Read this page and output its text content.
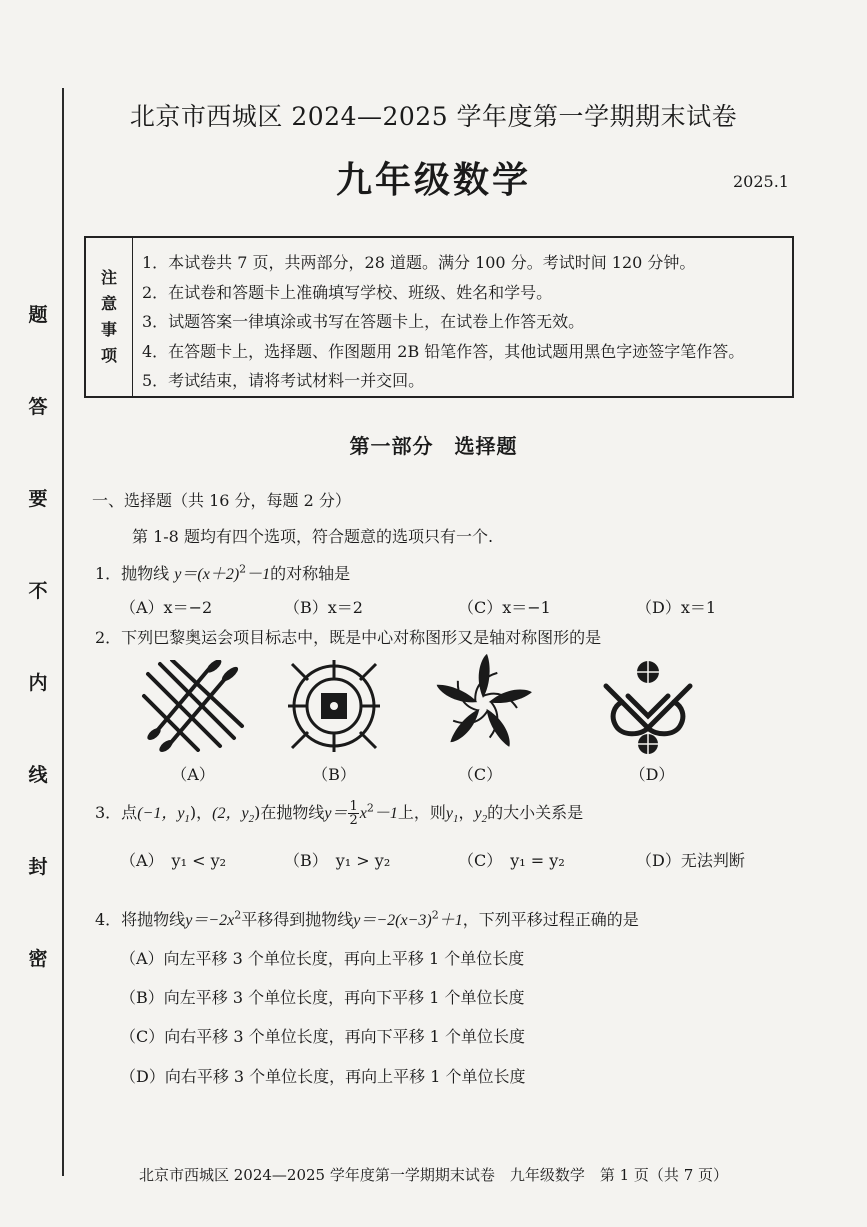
题
答
要
不
内
线
封
密
北京市西城区 2024—2025 学年度第一学期期末试卷
九年级数学	2025.1
注
意
事
项
1．本试卷共 7 页，共两部分，28 道题。满分 100 分。考试时间 120 分钟。
2．在试卷和答题卡上准确填写学校、班级、姓名和学号。
3．试题答案一律填涂或书写在答题卡上，在试卷上作答无效。
4．在答题卡上，选择题、作图题用 2B 铅笔作答，其他试题用黑色字迹签字笔作答。
5．考试结束，请将考试材料一并交回。
第一部分　选择题
一、选择题（共 16 分，每题 2 分）
第 1-8 题均有四个选项，符合题意的选项只有一个.
1．抛物线 $y=(x+2)^2-1$的对称轴是
（A）x＝−2	（B）x＝2	（C）x＝−1	（D）x＝1
2．下列巴黎奥运会项目标志中，既是中心对称图形又是轴对称图形的是
（A）	（B）	（C）	（D）
3．点(−1，$y_1$)，(2，$y_2$)在抛物线$y= \frac{1}{2} x^2-1$上，则$y_1$，$y_2$的大小关系是
（A）　y₁ < y₂	（B）　y₁ > y₂	（C）　y₁ = y₂	（D）无法判断
4．将抛物线$y=-2x^2$平移得到抛物线$y=-2(x-3)^2+1$，下列平移过程正确的是
（A）向左平移 3 个单位长度，再向上平移 1 个单位长度
（B）向左平移 3 个单位长度，再向下平移 1 个单位长度
（C）向右平移 3 个单位长度，再向下平移 1 个单位长度
（D）向右平移 3 个单位长度，再向上平移 1 个单位长度
北京市西城区 2024—2025 学年度第一学期期末试卷　九年级数学　第 1 页（共 7 页）
